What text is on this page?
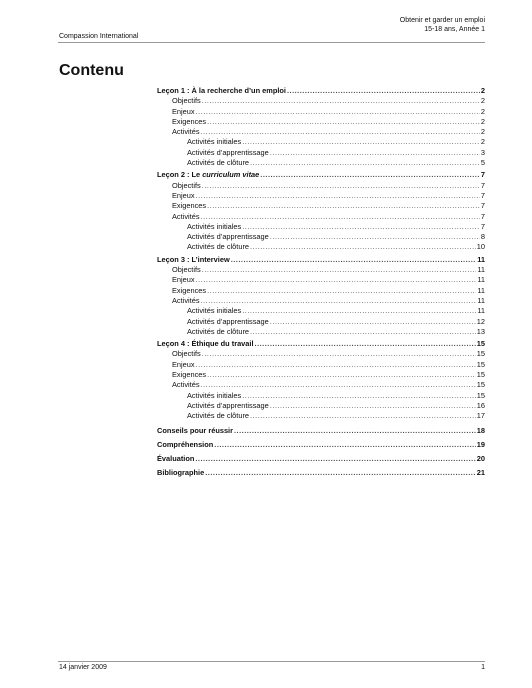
Compassion International
Obtenir et garder un emploi
15-18 ans, Année 1
Contenu
Leçon 1 : À la recherche d’un emploi .....	2
Objectifs .....	2
Enjeux .....	2
Exigences .....	2
Activités .....	2
Activités initiales .....	2
Activités d’apprentissage .....	3
Activités de clôture .....	5
Leçon 2 : Le curriculum vitae .....	7
Objectifs .....	7
Enjeux .....	7
Exigences .....	7
Activités .....	7
Activités initiales .....	7
Activités d’apprentissage .....	8
Activités de clôture .....	10
Leçon 3 : L’interview .....	11
Objectifs .....	11
Enjeux .....	11
Exigences .....	11
Activités .....	11
Activités initiales .....	11
Activités d’apprentissage .....	12
Activités de clôture .....	13
Leçon 4 : Éthique du travail .....	15
Objectifs .....	15
Enjeux .....	15
Exigences .....	15
Activités .....	15
Activités initiales .....	15
Activités d’apprentissage .....	16
Activités de clôture .....	17
Conseils pour réussir .....	18
Compréhension .....	19
Évaluation .....	20
Bibliographie .....	21
14 janvier 2009	1
